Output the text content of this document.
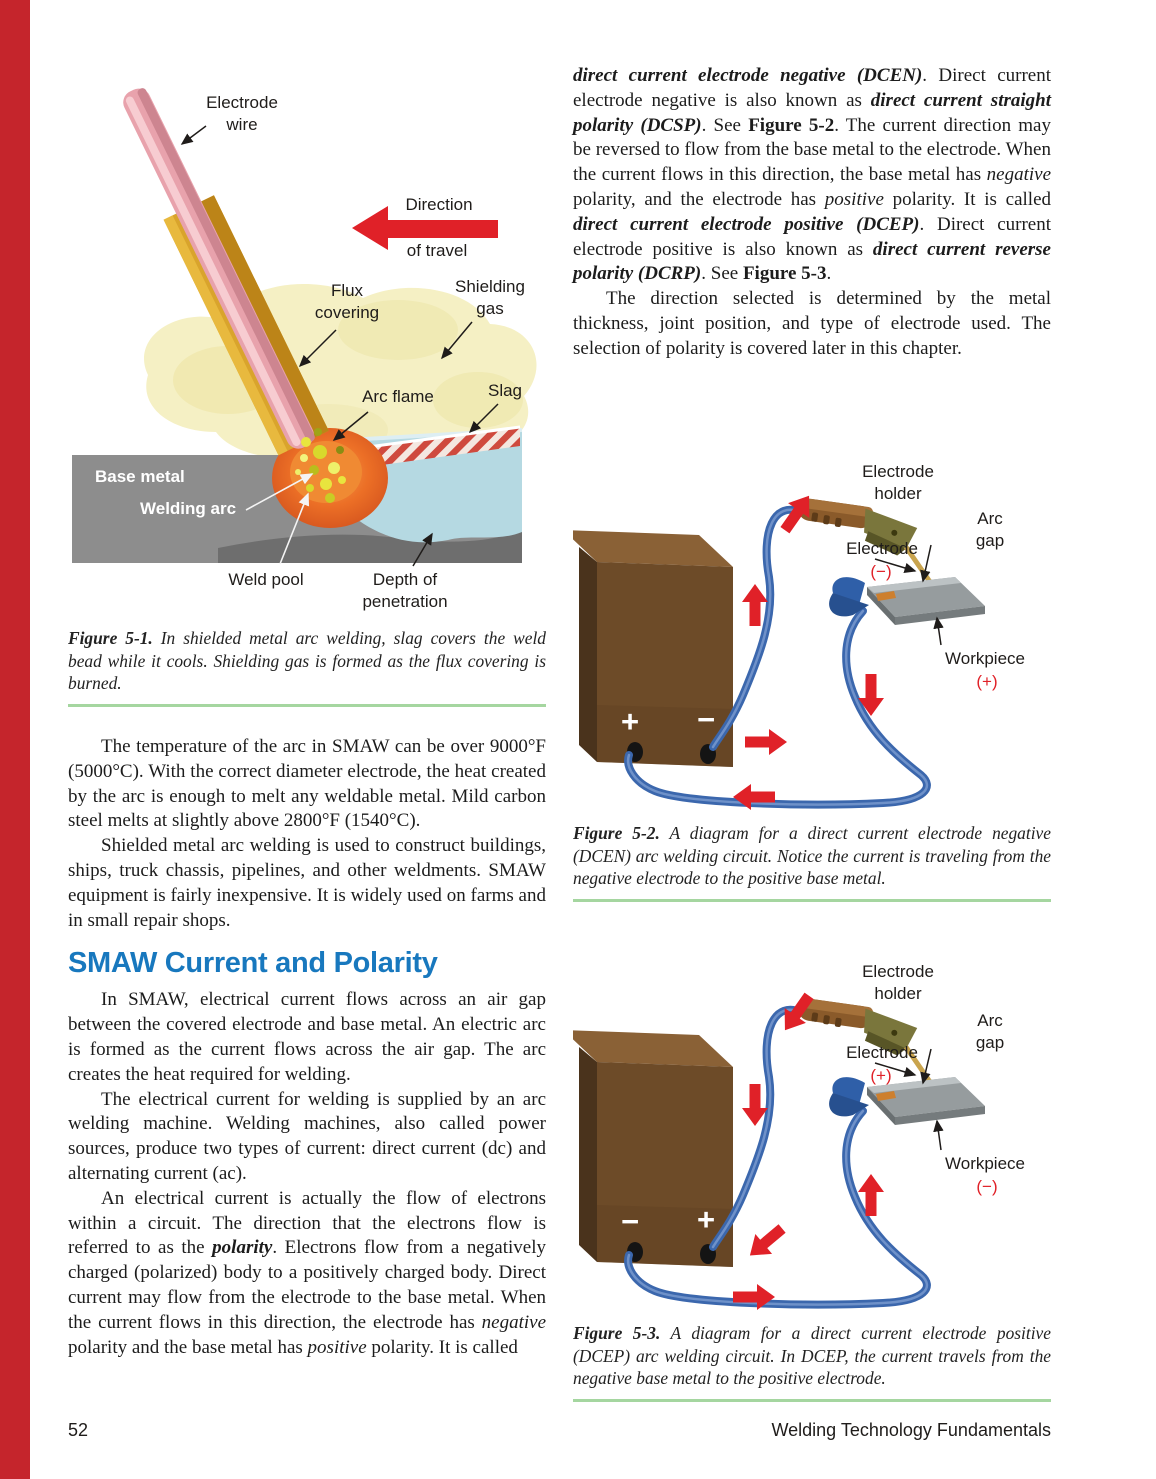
Electrode
wire
Direction
of travel
Flux
covering
Shielding
gas
Arc flame	Slag
Base metal
Welding arc
Weld pool	Depth of
penetration
Figure 5-1. In shielded metal arc welding, slag covers the weld bead while it cools. Shielding gas is formed as the flux covering is burned.

The temperature of the arc in SMAW can be over 9000°F (5000°C). With the correct diameter electrode, the heat created by the arc is enough to melt any weldable metal. Mild carbon steel melts at slightly above 2800°F (1540°C).

Shielded metal arc welding is used to construct buildings, ships, truck chassis, pipelines, and other weldments. SMAW equipment is fairly inexpensive. It is widely used on farms and in small repair shops.

SMAW Current and Polarity

In SMAW, electrical current flows across an air gap between the covered electrode and base metal. An electric arc is formed as the current flows across the air gap. The arc creates the heat required for welding.

The electrical current for welding is supplied by an arc welding machine. Welding machines, also called power sources, produce two types of current: direct current (dc) and alternating current (ac).

An electrical current is actually the flow of electrons within a circuit. The direction that the electrons flow is referred to as the polarity. Electrons flow from a negatively charged (polarized) body to a positively charged body. Direct current may flow from the electrode to the base metal. When the current flows in this direction, the electrode has negative polarity and the base metal has positive polarity. It is called

direct current electrode negative (DCEN). Direct current electrode negative is also known as direct current straight polarity (DCSP). See Figure 5-2. The current direction may be reversed to flow from the base metal to the electrode. When the current flows in this direction, the base metal has negative polarity, and the electrode has positive polarity. It is called direct current electrode positive (DCEP). Direct current electrode positive is also known as direct current reverse polarity (DCRP). See Figure 5-3.

The direction selected is determined by the metal thickness, joint position, and type of electrode used. The selection of polarity is covered later in this chapter.

Electrode
holder
Arc
gap
Electrode
(−)
Workpiece
(+)
+ −
Figure 5-2. A diagram for a direct current electrode negative (DCEN) arc welding circuit. Notice the current is traveling from the negative electrode to the positive base metal.
Electrode
holder
Arc
gap
Electrode
(+)
Workpiece
(−)
− +
Figure 5-3. A diagram for a direct current electrode positive (DCEP) arc welding circuit. In DCEP, the current travels from the negative base metal to the positive electrode.
52	Welding Technology Fundamentals
